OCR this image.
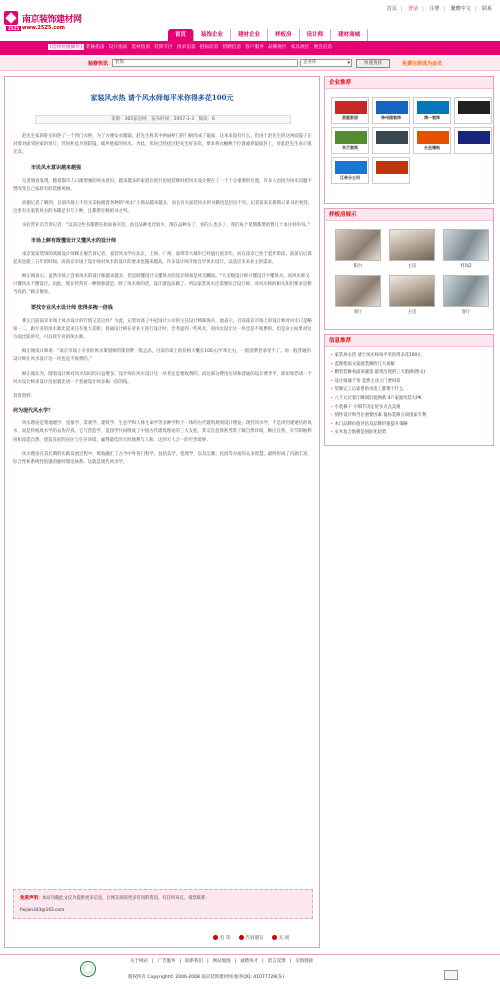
25Z5
南京装饰建材网
www.25Z5.com
首页 | 登录 | 注册 | 繁體中文 | 联系
首页	装饰企业	建材企业	样板房	设计师	建材商城
[选择快捷操作] 装修指南 设计指南 选材指南 装饰专区 供求信息 招标信息 招聘信息 客户服务 品牌展区 家具展区 展会信息
装修快讯	装饰	企业库 ▾	快速查找	免费注册成为会员
家装风水热 请个风水师每平米你得多花100元
来源：365家居网　发布时间：2007-1-3　阅读：6

赵先生家的卧室闷热了一个四门衣柜，为了方便安衣服镜，赵先生将其中两扇柜门的门板改成了镜面。这本来没有什么，但由于赵先生的这两面镜子正对着对面邻居家的客厅，邻居朴此为预防镜，破坏他家的风水。为此，邻居已经找过赵先生好多次，要求将衣橱换个位置或将镜面封上，对此赵先生表示很无奈。

市民风水意识越来越强

记者调查发现，随着都市人日渐增强的风水意识，越来越多的家庭在进行房屋装修时把风水设计摆在了一个十分重要的位置，许多人也因为风水问题不惜改变自己家原有的装修风格。

而据记者了解到，目前市场上不仅买卖标榜着各种的“风水”小饰品越来越多，而且有关家装风水的书籍也是层出不穷。记者前来在新街口某书店看到，这里有关家装风水的书籍足有几十种，且都摆在畅销书之列。

书店营业员告诉记者：“以前这些书都摆在指南备买里，而且品种也比较少，现在品种多了，看的人也多了，我们每个星期都要销售几十本这样的书。”

市场上鲜有既懂设计又懂风水的设计师

南京爱家装饰的高级设计师顾正俊告诉记者，家装风水学在北京、上海、广州、深圳等大城市已经盛行很多年，而在南京已处于起步阶段，前前后后算起来也就三五年的时间。而南京市场上设计师对风水的设计的要求也越来越高，许多设计师开始自学风水设计，以适应未来业主的需求。

顾正俊表示，虽然市场上会看风水的设计师越来越多，但是既懂设计又懂风水的设计师却是凤毛麟角。“大多数设计师只懂设计不懂风水，而风水师又只懂风水不懂设计。因此，现在经常有一种现象就是，除了风水师的话，设计就没法做了。所以家装风水还需要综合设计师、对风水师的相关知识要求是相当高的。”顾正俊说。

要找专业风水设计师 您得多掏一倍钱

那么目前南京市场上风水设计的行情又是这样？为此，记者访谈了中冠设计公司的主任设计师陈海兵。他表示，目前南京市场上的设计师对风水只是略知一二，跟专业的风水师比起来还有很大差距；普通设计师在对业主进行设计时，会考虑到一些风水，而风水设计这一块也是不收费的。但是业主如果对这方面比较讲究，可以找专业的风水师。

顾正俊设计师说：“南京市场上专业的风水策划师的策划费一般走高，目前市场上的价格大概在100元/平米左右，一般消费者承受不了。而一般普通的设计师在风水设计这一块也是不收费的。”

顾正俊认为，随着设计师对风水知识的日益增多，设计师在风水设计这一块肯定是要收费的，而这部分费用应该和普通的设计费齐平，即如果您请一个风水设计师来设计房屋就比请一个普通设计师多掏一倍的钱。

背景资料：

何为现代风水学？

风水理论是集地理学、星象学、景观学、建筑学、生态学和人体生命学等多种学科于一体的古代建筑规划设计理论。现代风水学，不是讲封建迷信的风水，而是传统风水学的去伪存真。它与营造学、造园学共同组成了中国古代建筑理论的三大支柱。其宗旨是周密考察了解自然环境，顺应自然，有节制地利用和改造自然，创造良好的居住与生存环境，赢得最佳的天时地利与人和，达到天人合一的至善境界。

风水理论在其长期的实践发展过程中，吸收融汇了古今中外各门科学，包括美学、伦理学，以及宗教、民俗等方面的众多智慧，最终形成了内涵丰富、综合性和系统性很强的独特理论体系。这就是现代风水学。

免责声明： 本站刊载此文仅为提供更多信息，让网友阅读更多有用的资讯，有任何异议，请您联系：
fiejian343@163.com
打 印	告诉朋友	关 闭
企业推荐
美庭家居	神州园装饰	海一装饰
米兰装饰	长坐墙纸
江奇分公司
样板房展示
阳台	主房	样间2
客厅	主房	客厅
信息推荐
· 家装风水热 请个风水师每平米你得多花100元
· 监理指南文家庭装修的几大误解
· 精装装修看面该避雷 最常出现的三大陷阱(图文)
· 设计师通于务 竟然主动上门要回扣
· 装修完工后家里的水电工都要干什么
· 八千元让客厅瞬间旧貌换新 4户家庭改装大PK
· 小装修干 小细节决定屋多点点美观
· 情怀设计和当在重要因素 鼠标装修五项国家专利
· 木门品牌价值评估及品牌价值提升策略
· 实木复合地板是国际化趋势
关于网站 | 广告服务 | 联系我们 | 网站地图 | 诚聘英才 | 留言反馈 | 友情链接
版权所有 Copyright© 2006-2008 南京装饰建材网 服务QQ: 41077729(东)
